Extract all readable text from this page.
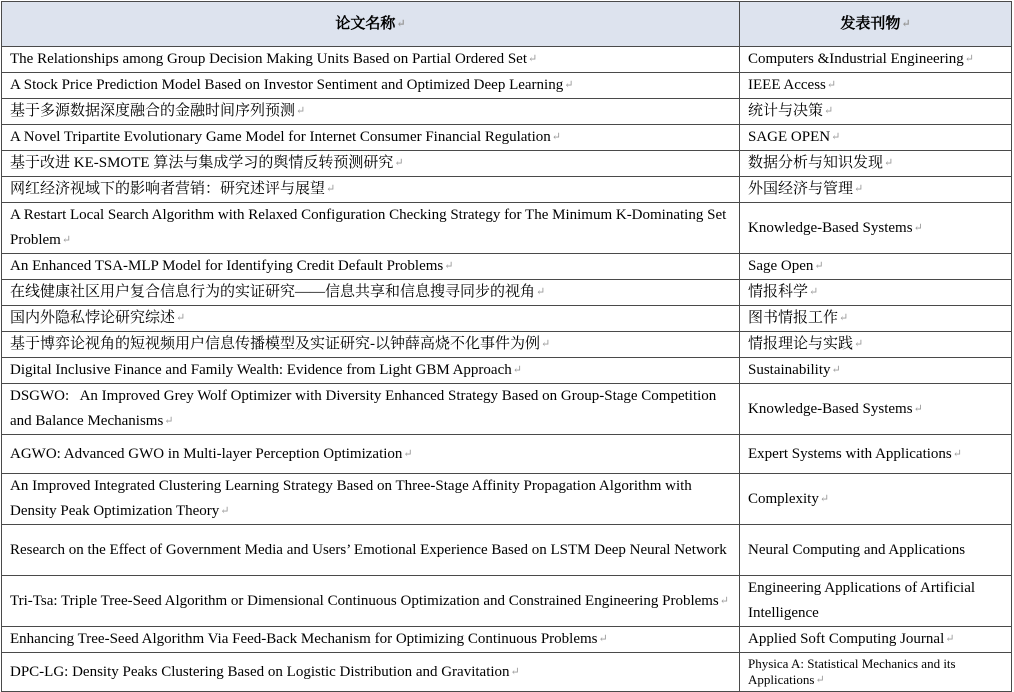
论文名称 ↵	发表刊物 ↵
The Relationships among Group Decision Making Units Based on Partial Ordered Set ↵	Computers &Industrial Engineering ↵
A Stock Price Prediction Model Based on Investor Sentiment and Optimized Deep Learning ↵	IEEE Access ↵
基于多源数据深度融合的金融时间序列预测 ↵	统计与决策 ↵
A Novel Tripartite Evolutionary Game Model for Internet Consumer Financial Regulation ↵	SAGE OPEN ↵
基于改进 KE-SMOTE 算法与集成学习的舆情反转预测研究 ↵	数据分析与知识发现 ↵
网红经济视域下的影响者营销：研究述评与展望 ↵	外国经济与管理 ↵
A Restart Local Search Algorithm with Relaxed Configuration Checking Strategy for The Minimum K-Dominating Set Problem ↵	Knowledge-Based Systems ↵
An Enhanced TSA-MLP Model for Identifying Credit Default Problems ↵	Sage Open ↵
在线健康社区用户复合信息行为的实证研究——信息共享和信息搜寻同步的视角 ↵	情报科学 ↵
国内外隐私悖论研究综述 ↵	图书情报工作 ↵
基于博弈论视角的短视频用户信息传播模型及实证研究-以钟薛高烧不化事件为例 ↵	情报理论与实践 ↵
Digital Inclusive Finance and Family Wealth: Evidence from Light GBM Approach ↵	Sustainability ↵
DSGWO:   An Improved Grey Wolf Optimizer with Diversity Enhanced Strategy Based on Group-Stage Competition and Balance Mechanisms ↵	Knowledge-Based Systems ↵
AGWO: Advanced GWO in Multi-layer Perception Optimization ↵	Expert Systems with Applications ↵
An Improved Integrated Clustering Learning Strategy Based on Three-Stage Affinity Propagation Algorithm with Density Peak Optimization Theory ↵	Complexity ↵
Research on the Effect of Government Media and Users’ Emotional Experience Based on LSTM Deep Neural Network	Neural Computing and Applications
Tri-Tsa: Triple Tree-Seed Algorithm or Dimensional Continuous Optimization and Constrained Engineering Problems ↵	Engineering Applications of Artificial Intelligence
Enhancing Tree-Seed Algorithm Via Feed-Back Mechanism for Optimizing Continuous Problems ↵	Applied Soft Computing Journal ↵
DPC-LG: Density Peaks Clustering Based on Logistic Distribution and Gravitation ↵	Physica A: Statistical Mechanics and its Applications ↵
